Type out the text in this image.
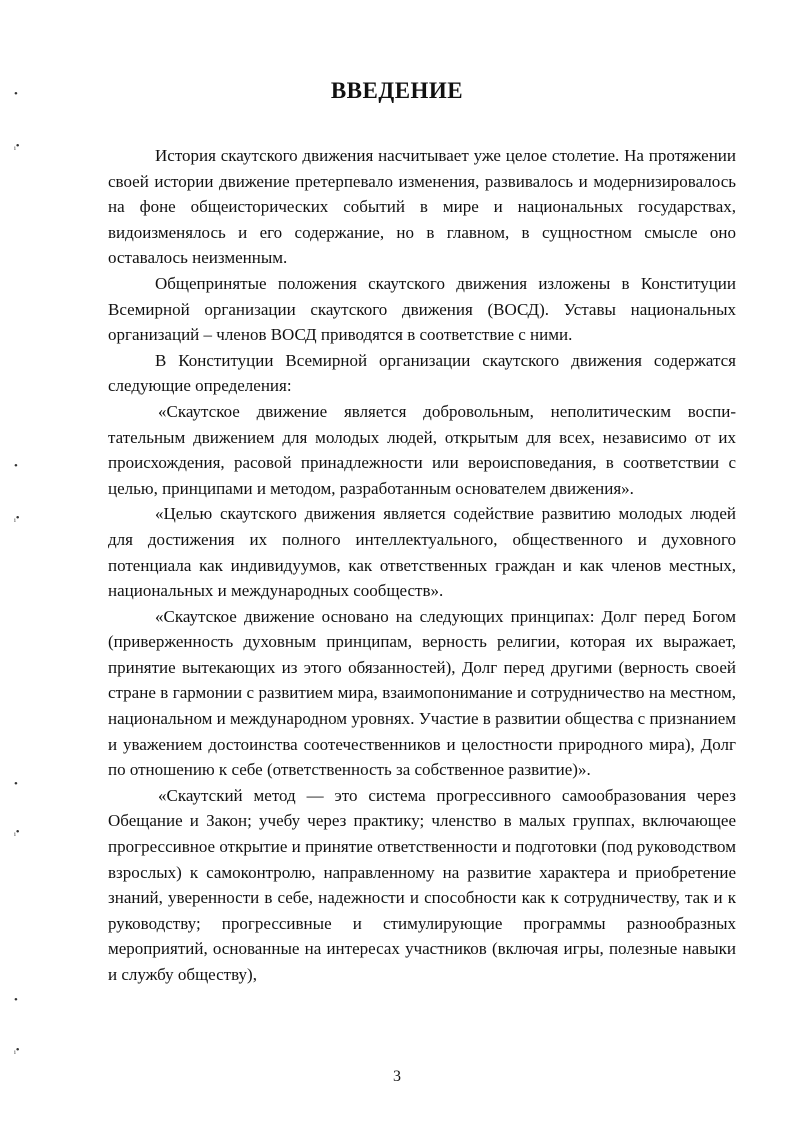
ВВЕДЕНИЕ

История скаутского движения насчитывает уже целое столетие. На протяжении своей истории движение претерпевало изменения, развивалось и модернизировалось на фоне общеисторических событий в мире и национальных государствах, видоизменялось и его содержание, но в главном, в сущностном смысле оно оставалось неизменным.

Общепринятые положения скаутского движения изложены в Конституции Всемирной организации скаутского движения (ВОСД). Уставы национальных организаций – членов ВОСД приводятся в соответствие с ними.

В Конституции Всемирной организации скаутского движения содержатся следующие определения:

«Скаутское движение является добровольным, неполитическим воспитательным движением для молодых людей, открытым для всех, независимо от их происхождения, расовой принадлежности или вероисповедания, в соответствии с целью, принципами и методом, разработанным основателем движения».

«Целью скаутского движения является содействие развитию молодых людей для достижения их полного интеллектуального, общественного и духовного потенциала как индивидуумов, как ответственных граждан и как членов местных, национальных и международных сообществ».

«Скаутское движение основано на следующих принципах: Долг перед Богом (приверженность духовным принципам, верность религии, которая их выражает, принятие вытекающих из этого обязанностей), Долг перед другими (верность своей стране в гармонии с развитием мира, взаимопонимание и сотрудничество на местном, национальном и международном уровнях. Участие в развитии общества с признанием и уважением достоинства соотечественников и целостности природного мира), Долг по отношению к себе (ответственность за собственное развитие)».

«Скаутский метод — это система прогрессивного самообразования через Обещание и Закон; учебу через практику; членство в малых группах, включающее прогрессивное открытие и принятие ответственности и подготовки (под руководством взрослых) к самоконтролю, направленному на развитие характера и приобретение знаний, уверенности в себе, надежности и способности как к сотрудничеству, так и к руководству; прогрессивные и стимулирующие программы разнообразных мероприятий, основанные на интересах участников (включая игры, полезные навыки и службу обществу),

3
•
ᵢ•
•
ᵢ•
•
ᵢ•
•
ᵢ•
